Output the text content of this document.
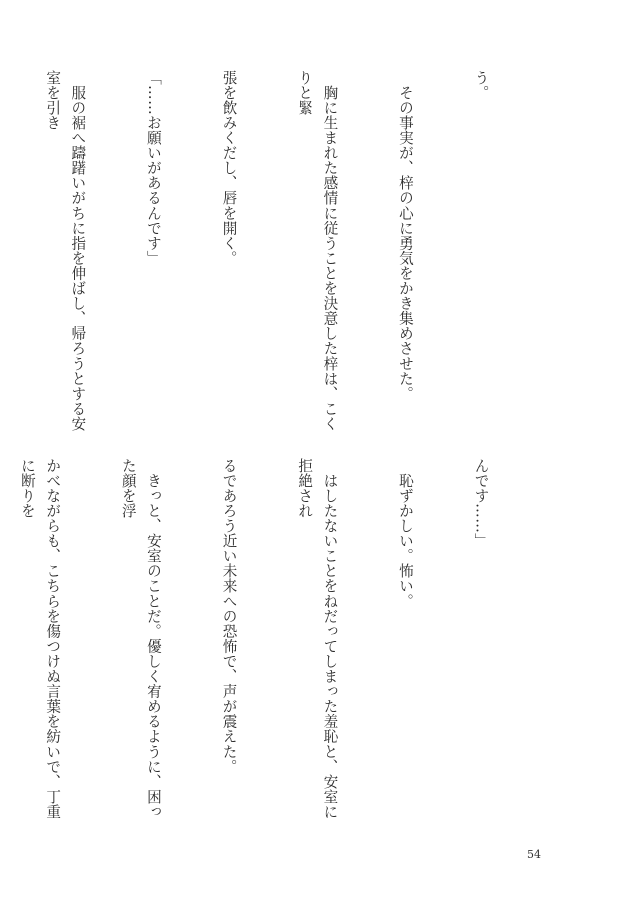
う。

　その事実が、梓の心に勇気をかき集めさせた。

　胸に生まれた感情に従うことを決意した梓は、こくりと緊

張を飲みくだし、唇を開く。

「……お願いがあるんです」

　服の裾へ躊躇いがちに指を伸ばし、帰ろうとする安室を引き

んです……」

　恥ずかしい。怖い。

　はしたないことをねだってしまった羞恥と、安室に拒絶され

るであろう近い未来への恐怖で、声が震えた。

　きっと、安室のことだ。優しく宥めるように、困った顔を浮

かべながらも、こちらを傷つけぬ言葉を紡いで、丁重に断りを

54
